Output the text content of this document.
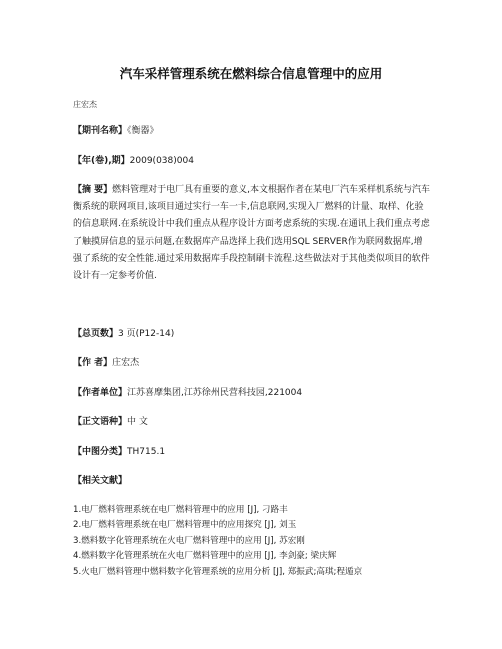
汽车采样管理系统在燃料综合信息管理中的应用
庄宏杰
【期刊名称】《衡器》
【年(卷),期】2009(038)004
【摘 要】燃料管理对于电厂具有重要的意义,本文根据作者在某电厂汽车采样机系统与汽车衡系统的联网项目,该项目通过实行一车一卡,信息联网,实现入厂燃料的计量、取样、化验的信息联网.在系统设计中我们重点从程序设计方面考虑系统的实现.在通讯上我们重点考虑了触摸屏信息的显示问题,在数据库产品选择上我们选用SQL SERVER作为联网数据库,增强了系统的安全性能.通过采用数据库手段控制刷卡流程.这些做法对于其他类似项目的软件设计有一定参考价值.
【总页数】3 页(P12-14)
【作 者】庄宏杰
【作者单位】江苏喜摩集团,江苏徐州民营科技园,221004
【正文语种】中 文
【中图分类】TH715.1
【相关文献】
1.电厂燃料管理系统在电厂燃料管理中的应用 [J], 刁路丰
2.电厂燃料管理系统在电厂燃料管理中的应用探究 [J], 刘玉
3.燃料数字化管理系统在火电厂燃料管理中的应用 [J], 苏宏刚
4.燃料数字化管理系统在火电厂燃料管理中的应用 [J], 李剑豪; 梁庆辉
5.火电厂燃料管理中燃料数字化管理系统的应用分析 [J], 郑振武;高琪;程遁京
